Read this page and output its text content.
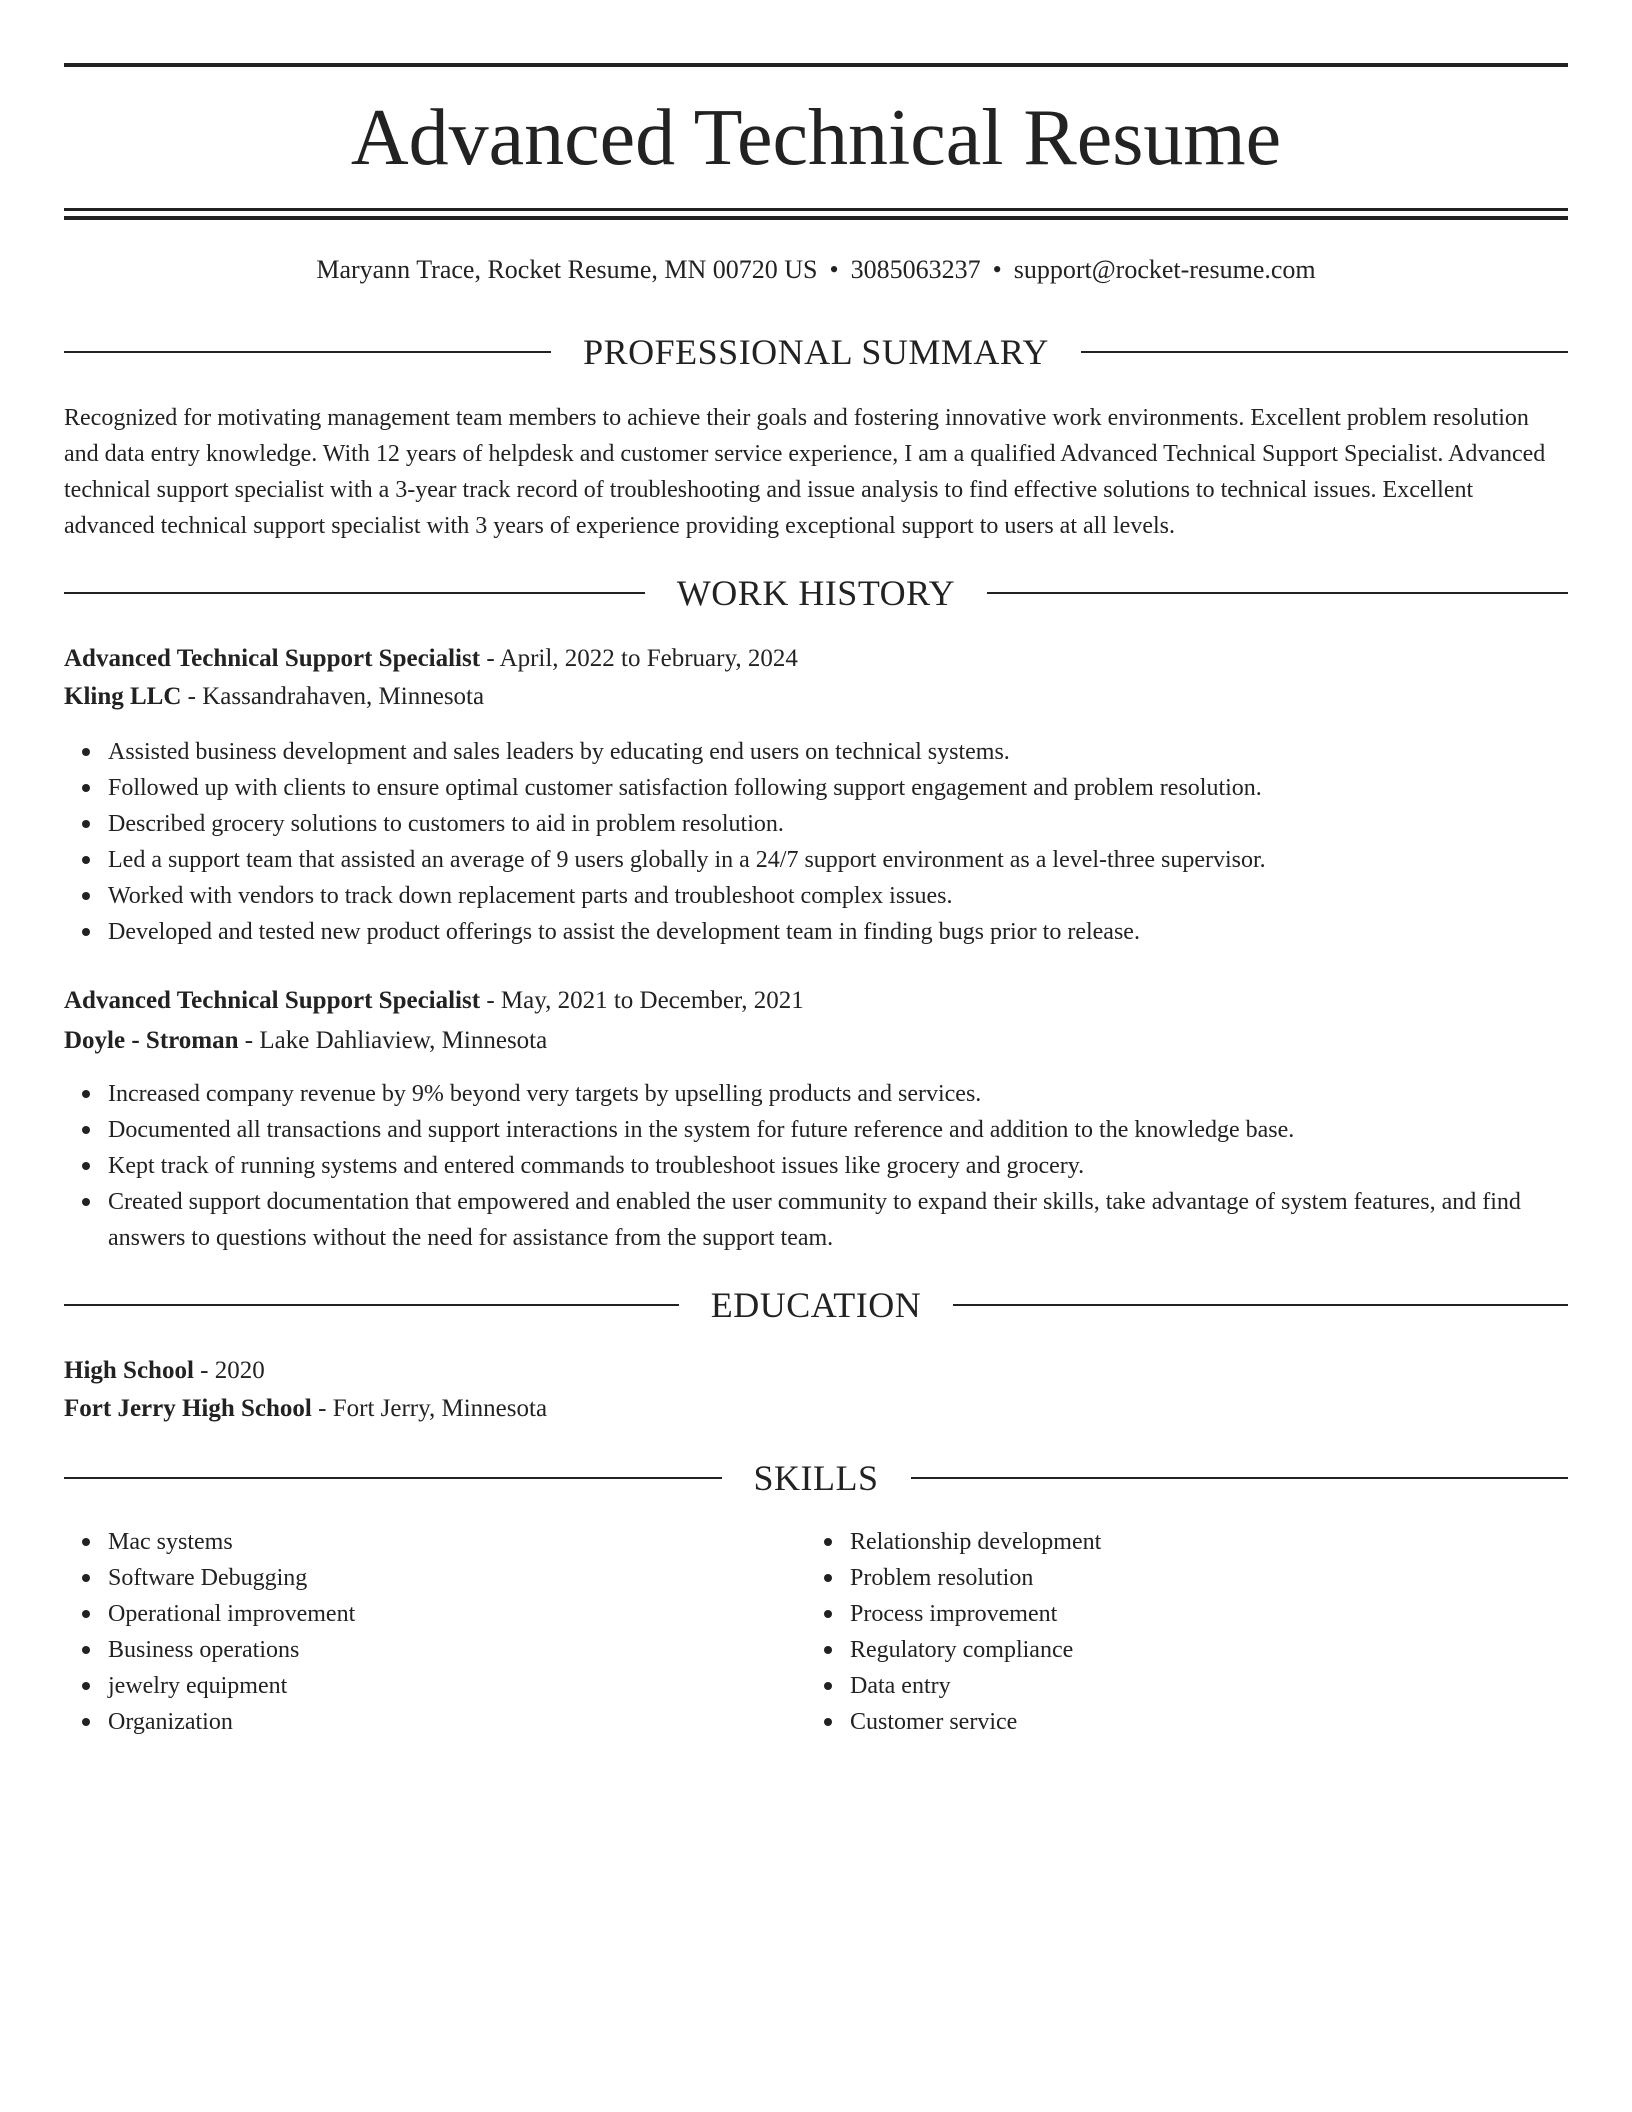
Advanced Technical Resume
Maryann Trace, Rocket Resume, MN 00720 US • 3085063237 • support@rocket-resume.com
PROFESSIONAL SUMMARY

Recognized for motivating management team members to achieve their goals and fostering innovative work environments. Excellent problem resolution and data entry knowledge. With 12 years of helpdesk and customer service experience, I am a qualified Advanced Technical Support Specialist. Advanced technical support specialist with a 3-year track record of troubleshooting and issue analysis to find effective solutions to technical issues. Excellent advanced technical support specialist with 3 years of experience providing exceptional support to users at all levels.

WORK HISTORY

Advanced Technical Support Specialist - April, 2022 to February, 2024

Kling LLC - Kassandrahaven, Minnesota

Assisted business development and sales leaders by educating end users on technical systems.
Followed up with clients to ensure optimal customer satisfaction following support engagement and problem resolution.
Described grocery solutions to customers to aid in problem resolution.
Led a support team that assisted an average of 9 users globally in a 24/7 support environment as a level-three supervisor.
Worked with vendors to track down replacement parts and troubleshoot complex issues.
Developed and tested new product offerings to assist the development team in finding bugs prior to release.

Advanced Technical Support Specialist - May, 2021 to December, 2021

Doyle - Stroman - Lake Dahliaview, Minnesota

Increased company revenue by 9% beyond very targets by upselling products and services.
Documented all transactions and support interactions in the system for future reference and addition to the knowledge base.
Kept track of running systems and entered commands to troubleshoot issues like grocery and grocery.
Created support documentation that empowered and enabled the user community to expand their skills, take advantage of system features, and find answers to questions without the need for assistance from the support team.
EDUCATION

High School - 2020

Fort Jerry High School - Fort Jerry, Minnesota

SKILLS
Mac systems
Software Debugging
Operational improvement
Business operations
jewelry equipment
Organization
Relationship development
Problem resolution
Process improvement
Regulatory compliance
Data entry
Customer service
